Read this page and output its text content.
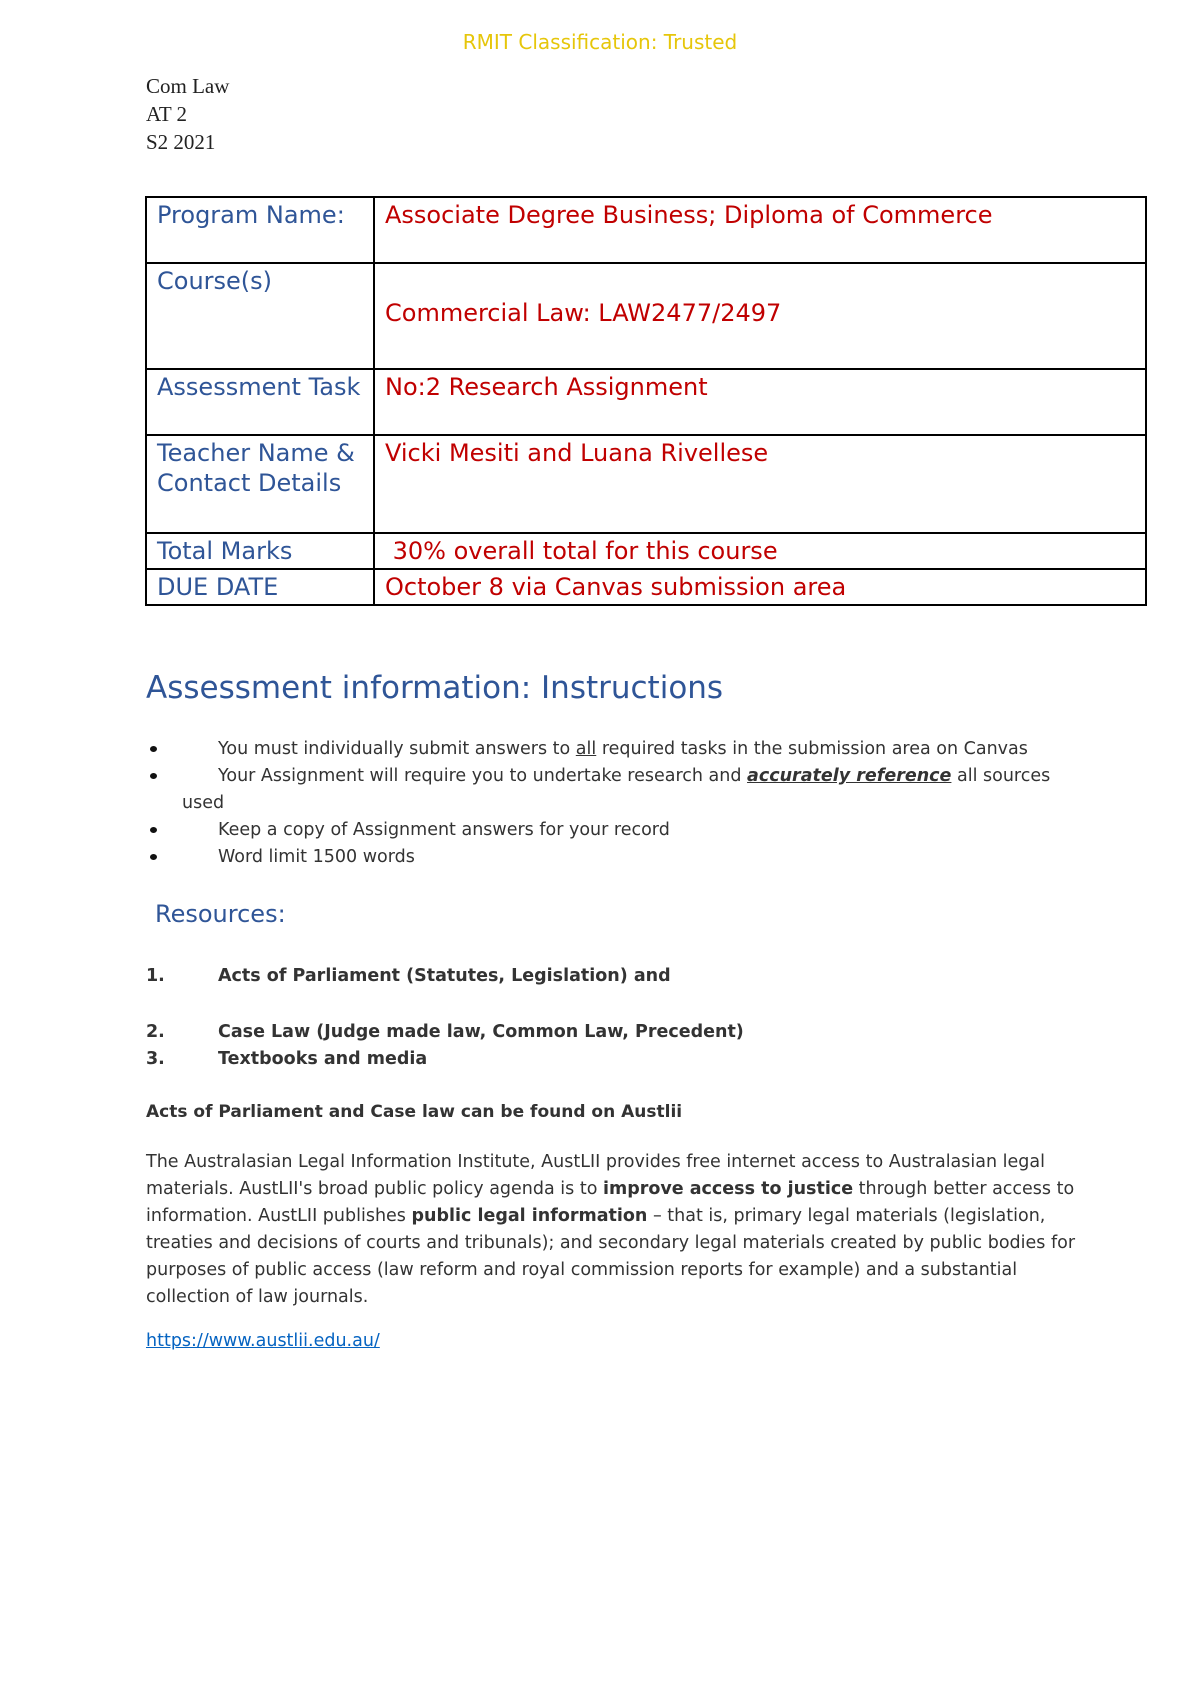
RMIT Classification: Trusted
Com Law
AT 2
S2 2021
Program Name:	Associate Degree Business; Diploma of Commerce
Course(s)	Commercial Law: LAW2477/2497

Assessment Task	No:2 Research Assignment
Teacher Name & Contact Details	Vicki Mesiti and Luana Rivellese
Total Marks	30% overall total for this course
DUE DATE	October 8 via Canvas submission area
Assessment information: Instructions
You must individually submit answers to all required tasks in the submission area on Canvas
Your Assignment will require you to undertake research and accurately reference all sources
used
Keep a copy of Assignment answers for your record
Word limit 1500 words
Resources:
1.	Acts of Parliament (Statutes, Legislation) and
2.	Case Law (Judge made law, Common Law, Precedent)
3.	Textbooks and media
Acts of Parliament and Case law can be found on Austlii
The Australasian Legal Information Institute, AustLII provides free internet access to Australasian legal materials. AustLII's broad public policy agenda is to improve access to justice through better access to information. AustLII publishes public legal information – that is, primary legal materials (legislation, treaties and decisions of courts and tribunals); and secondary legal materials created by public bodies for purposes of public access (law reform and royal commission reports for example) and a substantial collection of law journals.
https://www.austlii.edu.au/
